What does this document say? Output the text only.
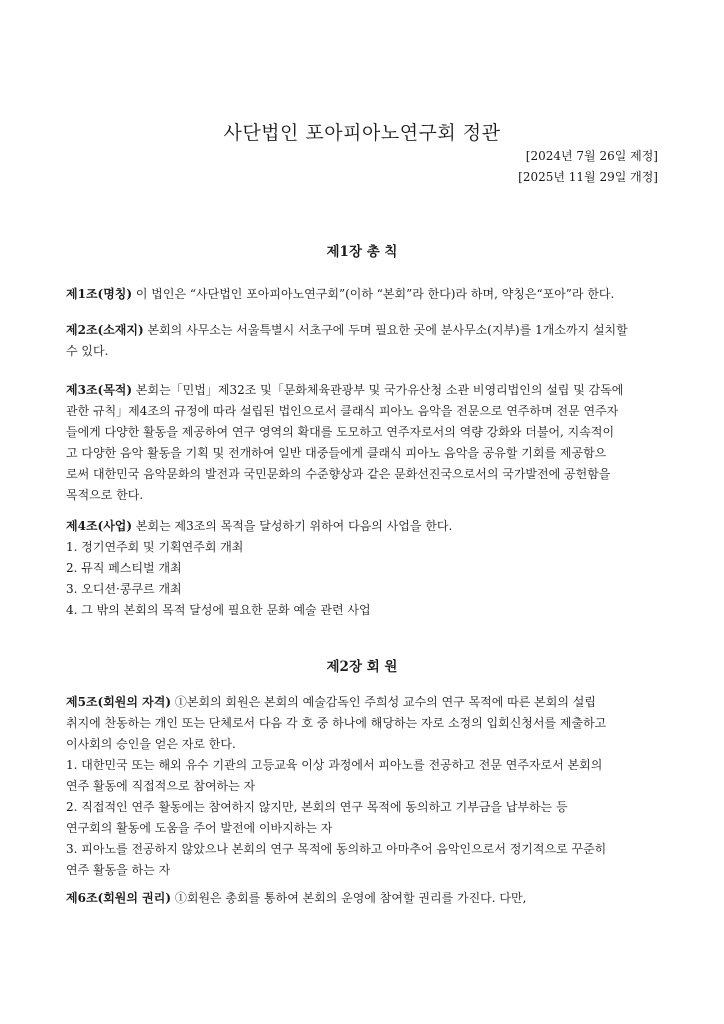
사단법인 포아피아노연구회 정관
[2024년 7월 26일 제정]
[2025년 11월 29일 개정]
제1장 총 칙
제1조(명칭) 이 법인은 “사단법인 포아피아노연구회”(이하 “본회”라 한다)라 하며, 약칭은“포아”라 한다.
제2조(소재지) 본회의 사무소는 서울특별시 서초구에 두며 필요한 곳에 분사무소(지부)를 1개소까지 설치할
수 있다.
제3조(목적) 본회는「민법」제32조 및「문화체육관광부 및 국가유산청 소관 비영리법인의 설립 및 감독에
관한 규칙」제4조의 규정에 따라 설립된 법인으로서 클래식 피아노 음악을 전문으로 연주하며 전문 연주자
들에게 다양한 활동을 제공하여 연구 영역의 확대를 도모하고 연주자로서의 역량 강화와 더불어, 지속적이
고 다양한 음악 활동을 기획 및 전개하여 일반 대중들에게 클래식 피아노 음악을 공유할 기회를 제공함으
로써 대한민국 음악문화의 발전과 국민문화의 수준향상과 같은 문화선진국으로서의 국가발전에 공헌함을
목적으로 한다.
제4조(사업) 본회는 제3조의 목적을 달성하기 위하여 다음의 사업을 한다.
1. 정기연주회 및 기획연주회 개최
2. 뮤직 페스티벌 개최
3. 오디션·콩쿠르 개최
4. 그 밖의 본회의 목적 달성에 필요한 문화 예술 관련 사업
제2장 회 원
제5조(회원의 자격) ①본회의 회원은 본회의 예술감독인 주희성 교수의 연구 목적에 따른 본회의 설립
취지에 찬동하는 개인 또는 단체로서 다음 각 호 중 하나에 해당하는 자로 소정의 입회신청서를 제출하고
이사회의 승인을 얻은 자로 한다.
1. 대한민국 또는 해외 유수 기관의 고등교육 이상 과정에서 피아노를 전공하고 전문 연주자로서 본회의
연주 활동에 직접적으로 참여하는 자
2. 직접적인 연주 활동에는 참여하지 않지만, 본회의 연구 목적에 동의하고 기부금을 납부하는 등
연구회의 활동에 도움을 주어 발전에 이바지하는 자
3. 피아노를 전공하지 않았으나 본회의 연구 목적에 동의하고 아마추어 음악인으로서 정기적으로 꾸준히
연주 활동을 하는 자
제6조(회원의 권리) ①회원은 총회를 통하여 본회의 운영에 참여할 권리를 가진다. 다만,
